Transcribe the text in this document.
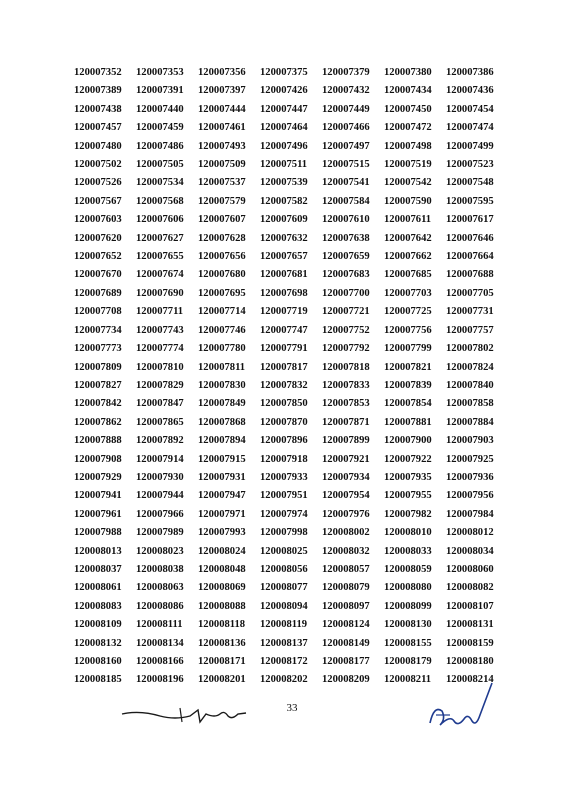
120007352	120007353	120007356	120007375	120007379	120007380	120007386
120007389	120007391	120007397	120007426	120007432	120007434	120007436
120007438	120007440	120007444	120007447	120007449	120007450	120007454
120007457	120007459	120007461	120007464	120007466	120007472	120007474
120007480	120007486	120007493	120007496	120007497	120007498	120007499
120007502	120007505	120007509	120007511	120007515	120007519	120007523
120007526	120007534	120007537	120007539	120007541	120007542	120007548
120007567	120007568	120007579	120007582	120007584	120007590	120007595
120007603	120007606	120007607	120007609	120007610	120007611	120007617
120007620	120007627	120007628	120007632	120007638	120007642	120007646
120007652	120007655	120007656	120007657	120007659	120007662	120007664
120007670	120007674	120007680	120007681	120007683	120007685	120007688
120007689	120007690	120007695	120007698	120007700	120007703	120007705
120007708	120007711	120007714	120007719	120007721	120007725	120007731
120007734	120007743	120007746	120007747	120007752	120007756	120007757
120007773	120007774	120007780	120007791	120007792	120007799	120007802
120007809	120007810	120007811	120007817	120007818	120007821	120007824
120007827	120007829	120007830	120007832	120007833	120007839	120007840
120007842	120007847	120007849	120007850	120007853	120007854	120007858
120007862	120007865	120007868	120007870	120007871	120007881	120007884
120007888	120007892	120007894	120007896	120007899	120007900	120007903
120007908	120007914	120007915	120007918	120007921	120007922	120007925
120007929	120007930	120007931	120007933	120007934	120007935	120007936
120007941	120007944	120007947	120007951	120007954	120007955	120007956
120007961	120007966	120007971	120007974	120007976	120007982	120007984
120007988	120007989	120007993	120007998	120008002	120008010	120008012
120008013	120008023	120008024	120008025	120008032	120008033	120008034
120008037	120008038	120008048	120008056	120008057	120008059	120008060
120008061	120008063	120008069	120008077	120008079	120008080	120008082
120008083	120008086	120008088	120008094	120008097	120008099	120008107
120008109	120008111	120008118	120008119	120008124	120008130	120008131
120008132	120008134	120008136	120008137	120008149	120008155	120008159
120008160	120008166	120008171	120008172	120008177	120008179	120008180
120008185	120008196	120008201	120008202	120008209	120008211	120008214
33
